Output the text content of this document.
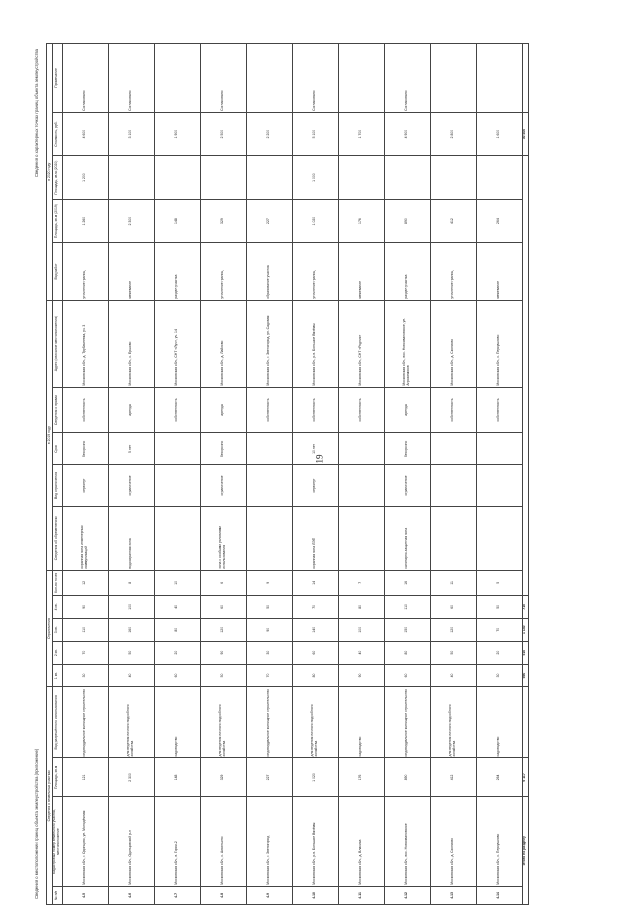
19
Сведения о местоположении границ объекта землеустройства (приложение)
Сведения о характерных точках границ объекта землеустройства
Сведения о земельных участках				Ограничения					в 2019 году					в 2020 году				
№ п/п	Кадастровый номер земельного участка, местоположение	Площадь, кв.м	Вид разрешённого использования	1 кв.	2 кв.	3 кв.	4 кв.	Кол-во точек	Сведения об обременениях	Вид ограничения	Срок	Сведения о правах	Адрес (описание местоположения)	Вид работ	Площадь, кв.м (2019)	Площадь, кв.м (2020)	Стоимость, руб.	Примечание
4.5	Московская обл., г. Одинцово, ул. Молодёжная	121	индивидуальное жилищное строительство	30	70	110	90	12	охранная зона инженерных коммуникаций	сервитут	бессрочно	собственность	Московская обл., д. Трубачеевка, уч. 3	уточнение границ	1 260	1 200	4 600	Согласовано
4.6	Московская обл., Одинцовский р-н	2 300	для ведения личного подсобного хозяйства	40	50	160	100	8	водоохранная зона	ограничение	5 лет	аренда	Московская обл., с. Ершово	межевание	2 300		3 100	Согласовано
4.7	Московская обл., п. Горки-2	148	садоводство	60	20	80	40	10				собственность	Московская обл., СНТ «Луч», уч. 14	раздел участка	148		1 900	
4.8	Московская обл., с. Аксиньино	329	для ведения личного подсобного хозяйства	50	90	120	60	6	зона с особыми условиями использования	ограничение	бессрочно	аренда	Московская обл., д. Лайково	уточнение границ	329		2 500	Согласовано
4.9	Московская обл., г. Звенигород	227	индивидуальное жилищное строительство	70	30	90	50	9				собственность	Московская обл., г. Звенигород, ул. Садовая	образование участка	227		2 200	
4.10	Московская обл., р.п. Большие Вязёмы	1 020	для ведения личного подсобного хозяйства	80	60	140	70	14	охранная зона ЛЭП	сервитут	10 лет	собственность	Московская обл., р.п. Большие Вязёмы	уточнение границ	1 020	1 000	5 100	Согласовано
4.11	Московская обл., д. Власиха	176	садоводство	90	40	100	80	7				собственность	Московская обл., СНТ «Родник»	межевание	176		1 700	
4.12	Московская обл., пос. Новоивановское	890	индивидуальное жилищное строительство	60	80	150	110	16	санитарно-защитная зона	ограничение	бессрочно	аренда	Московская обл., пос. Новоивановское, ул. Агрохимиков	раздел участка	890		4 900	Согласовано
4.13	Московская обл., д. Сколково	412	для ведения личного подсобного хозяйства	40	50	120	60	11				собственность	Московская обл., д. Сколково	уточнение границ	412		2 800	
4.14	Московская обл., с. Перхушково	264	садоводство	30	20	70	50	5				собственность	Московская обл., с. Перхушково	межевание	264		1 600	
Итого по разделу		6 117		550	510	1 140	710										30 400	
